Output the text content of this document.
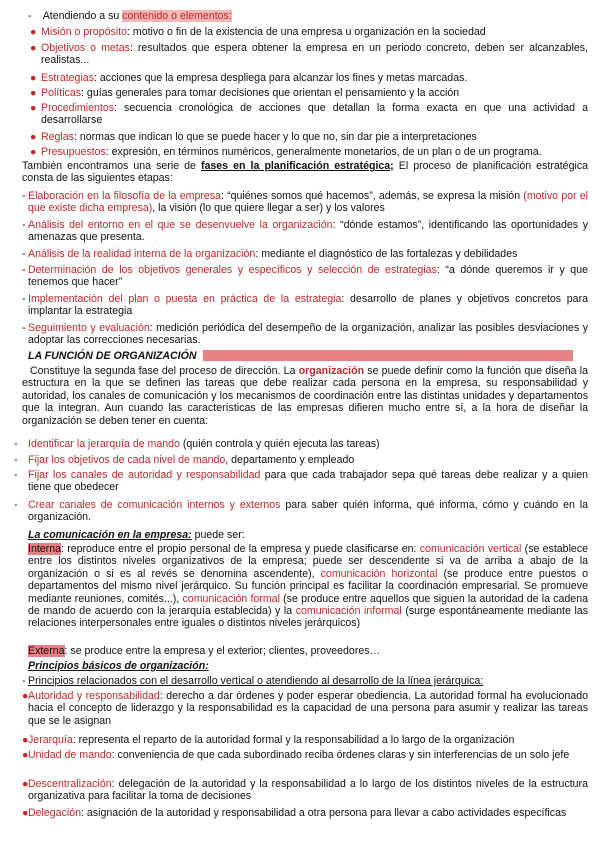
- Atendiendo a su contenido o elementos:
● Misión o propósito: motivo o fin de la existencia de una empresa u organización en la sociedad
● Objetivos o metas: resultados que espera obtener la empresa en un periodo concreto, deben ser alcanzables, realistas...
● Estrategias: acciones que la empresa despliega para alcanzar los fines y metas marcadas.
● Políticas: guías generales para tomar decisiones que orientan el pensamiento y la acción
● Procedimientos: secuencia cronológica de acciones que detallan la forma exacta en que una actividad a desarrollarse
● Reglas: normas que indican lo que se puede hacer y lo que no, sin dar pie a interpretaciones
● Presupuestos: expresión, en términos numéricos, generalmente monetarios, de un plan o de un programa.
También encontramos una serie de fases en la planificación estratégica; El proceso de planificación estratégica consta de las siguientes etapas:
- Elaboración en la filosofía de la empresa: “quiénes somos qué hacemos”, además, se expresa la misión (motivo por el que existe dicha empresa), la visión (lo que quiere llegar a ser) y los valores
- Análisis del entorno en el que se desenvuelve la organización: “dónde estamos”, identificando las oportunidades y amenazas que presenta.
- Análisis de la realidad interna de la organización: mediante el diagnóstico de las fortalezas y debilidades
- Determinación de los objetivos generales y específicos y selección de estrategias: “a dónde queremos ir y que tenemos que hacer”
- Implementación del plan o puesta en práctica de la estrategia: desarrollo de planes y objetivos concretos para implantar la estrategia
- Seguimiento y evaluación: medición periódica del desempeño de la organización, analizar las posibles desviaciones y adoptar las correcciones necesarias.
LA FUNCIÓN DE ORGANIZACIÓN
Constituye la segunda fase del proceso de dirección. La organización se puede definir como la función que diseña la estructura en la que se definen las tareas que debe realizar cada persona en la empresa, su responsabilidad y autoridad, los canales de comunicación y los mecanismos de coordinación entre las distintas unidades y departamentos que la integran. Aun cuando las características de las empresas difieren mucho entre sí, a la hora de diseñar la organización se deben tener en cuenta:
- Identificar la jerarquía de mando (quién controla y quién ejecuta las tareas)
- Fijar los objetivos de cada nivel de mando, departamento y empleado
- Fijar los canales de autoridad y responsabilidad para que cada trabajador sepa qué tareas debe realizar y a quien tiene que obedecer
- Crear canales de comunicación internos y externos para saber quién informa, qué informa, cómo y cuándo en la organización.
La comunicación en la empresa: puede ser:
Interna: reproduce entre el propio personal de la empresa y puede clasificarse en: comunicación vertical (se establece entre los distintos niveles organizativos de la empresa; puede ser descendente si va de arriba a abajo de la organización o si es al revés se denomina ascendente), comunicación horizontal (se produce entre puestos o departamentos del mismo nivel jerárquico. Su función principal es facilitar la coordinación empresarial. Se promueve mediante reuniones, comités...), comunicación formal (se produce entre aquellos que siguen la autoridad de la cadena de mando de acuerdo con la jerarquía establecida) y la comunicación informal (surge espontáneamente mediante las relaciones interpersonales entre iguales o distintos niveles jerárquicos)
Externa: se produce entre la empresa y el exterior; clientes, proveedores…
Principios básicos de organización:
- Principios relacionados con el desarrollo vertical o atendiendo al desarrollo de la línea jerárquica:
● Autoridad y responsabilidad: derecho a dar órdenes y poder esperar obediencia. La autoridad formal ha evolucionado hacia el concepto de liderazgo y la responsabilidad es la capacidad de una persona para asumir y realizar las tareas que se le asignan
● Jerarquía: representa el reparto de la autoridad formal y la responsabilidad a lo largo de la organización
● Unidad de mando: conveniencia de que cada subordinado reciba órdenes claras y sin interferencias de un solo jefe
● Descentralización: delegación de la autoridad y la responsabilidad a lo largo de los distintos niveles de la estructura organizativa para facilitar la toma de decisiones
● Delegación: asignación de la autoridad y responsabilidad a otra persona para llevar a cabo actividades específicas
